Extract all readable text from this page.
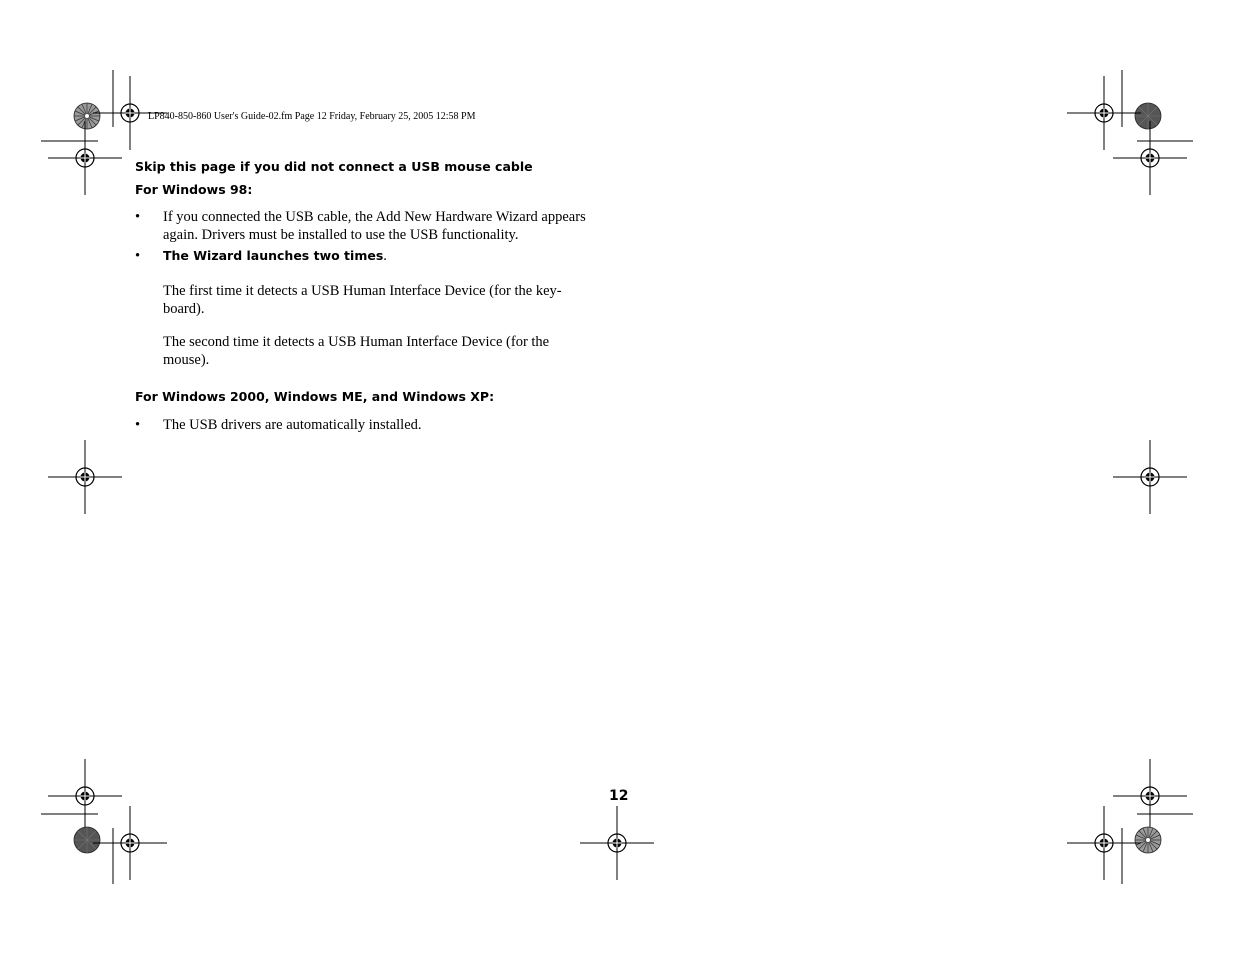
LP840-850-860 User's Guide-02.fm Page 12 Friday, February 25, 2005 12:58 PM
Skip this page if you did not connect a USB mouse cable
For Windows 98:
• If you connected the USB cable, the Add New Hardware Wizard appears again. Drivers must be installed to use the USB functionality.
• The Wizard launches two times.
The first time it detects a USB Human Interface Device (for the key-board).
The second time it detects a USB Human Interface Device (for the mouse).
For Windows 2000, Windows ME, and Windows XP:
• The USB drivers are automatically installed.
12
